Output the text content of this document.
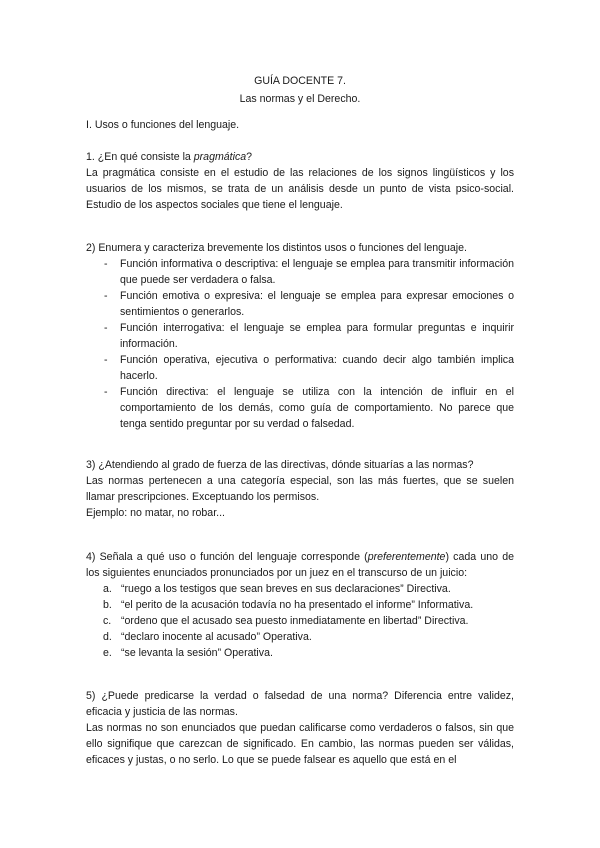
GUÍA DOCENTE 7.
Las normas y el Derecho.

I. Usos o funciones del lenguaje.

1. ¿En qué consiste la pragmática?

La pragmática consiste en el estudio de las relaciones de los signos lingüísticos y los usuarios de los mismos, se trata de un análisis desde un punto de vista psico-social. Estudio de los aspectos sociales que tiene el lenguaje.

2) Enumera y caracteriza brevemente los distintos usos o funciones del lenguaje.

- Función informativa o descriptiva: el lenguaje se emplea para transmitir información que puede ser verdadera o falsa.
- Función emotiva o expresiva: el lenguaje se emplea para expresar emociones o sentimientos o generarlos.
- Función interrogativa: el lenguaje se emplea para formular preguntas e inquirir información.
- Función operativa, ejecutiva o performativa: cuando decir algo también implica hacerlo.
- Función directiva: el lenguaje se utiliza con la intención de influir en el comportamiento de los demás, como guía de comportamiento. No parece que tenga sentido preguntar por su verdad o falsedad.

3) ¿Atendiendo al grado de fuerza de las directivas, dónde situarías a las normas?

Las normas pertenecen a una categoría especial, son las más fuertes, que se suelen llamar prescripciones. Exceptuando los permisos.

Ejemplo: no matar, no robar...

4) Señala a qué uso o función del lenguaje corresponde (preferentemente) cada uno de los siguientes enunciados pronunciados por un juez en el transcurso de un juicio:

a. “ruego a los testigos que sean breves en sus declaraciones” Directiva.
b. “el perito de la acusación todavía no ha presentado el informe” Informativa.
c. “ordeno que el acusado sea puesto inmediatamente en libertad” Directiva.
d. “declaro inocente al acusado” Operativa.
e. “se levanta la sesión” Operativa.

5) ¿Puede predicarse la verdad o falsedad de una norma? Diferencia entre validez, eficacia y justicia de las normas.

Las normas no son enunciados que puedan calificarse como verdaderos o falsos, sin que ello signifique que carezcan de significado. En cambio, las normas pueden ser válidas, eficaces y justas, o no serlo. Lo que se puede falsear es aquello que está en el
